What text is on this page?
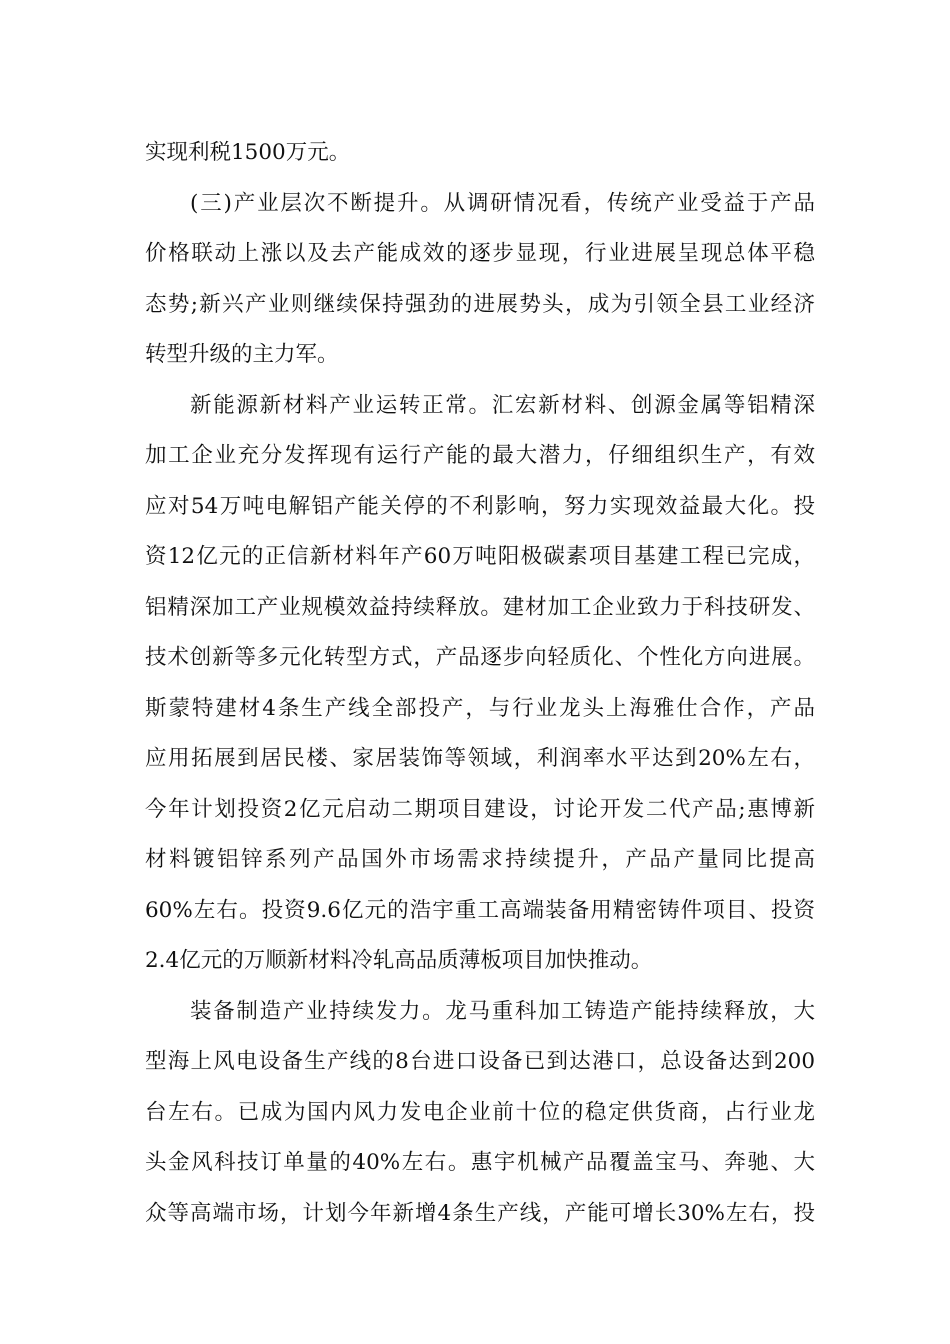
实现利税1500万元。
(三)产业层次不断提升。从调研情况看，传统产业受益于产品
价格联动上涨以及去产能成效的逐步显现，行业进展呈现总体平稳
态势;新兴产业则继续保持强劲的进展势头，成为引领全县工业经济
转型升级的主力军。
新能源新材料产业运转正常。汇宏新材料、创源金属等铝精深
加工企业充分发挥现有运行产能的最大潜力，仔细组织生产，有效
应对54万吨电解铝产能关停的不利影响，努力实现效益最大化。投
资12亿元的正信新材料年产60万吨阳极碳素项目基建工程已完成，
铝精深加工产业规模效益持续释放。建材加工企业致力于科技研发、
技术创新等多元化转型方式，产品逐步向轻质化、个性化方向进展。
斯蒙特建材4条生产线全部投产，与行业龙头上海雅仕合作，产品
应用拓展到居民楼、家居装饰等领域，利润率水平达到20%左右，
今年计划投资2亿元启动二期项目建设，讨论开发二代产品;惠博新
材料镀铝锌系列产品国外市场需求持续提升，产品产量同比提高
60%左右。投资9.6亿元的浩宇重工高端装备用精密铸件项目、投资
2.4亿元的万顺新材料冷轧高品质薄板项目加快推动。
装备制造产业持续发力。龙马重科加工铸造产能持续释放，大
型海上风电设备生产线的8台进口设备已到达港口，总设备达到200
台左右。已成为国内风力发电企业前十位的稳定供货商，占行业龙
头金风科技订单量的40%左右。惠宇机械产品覆盖宝马、奔驰、大
众等高端市场，计划今年新增4条生产线，产能可增长30%左右，投
